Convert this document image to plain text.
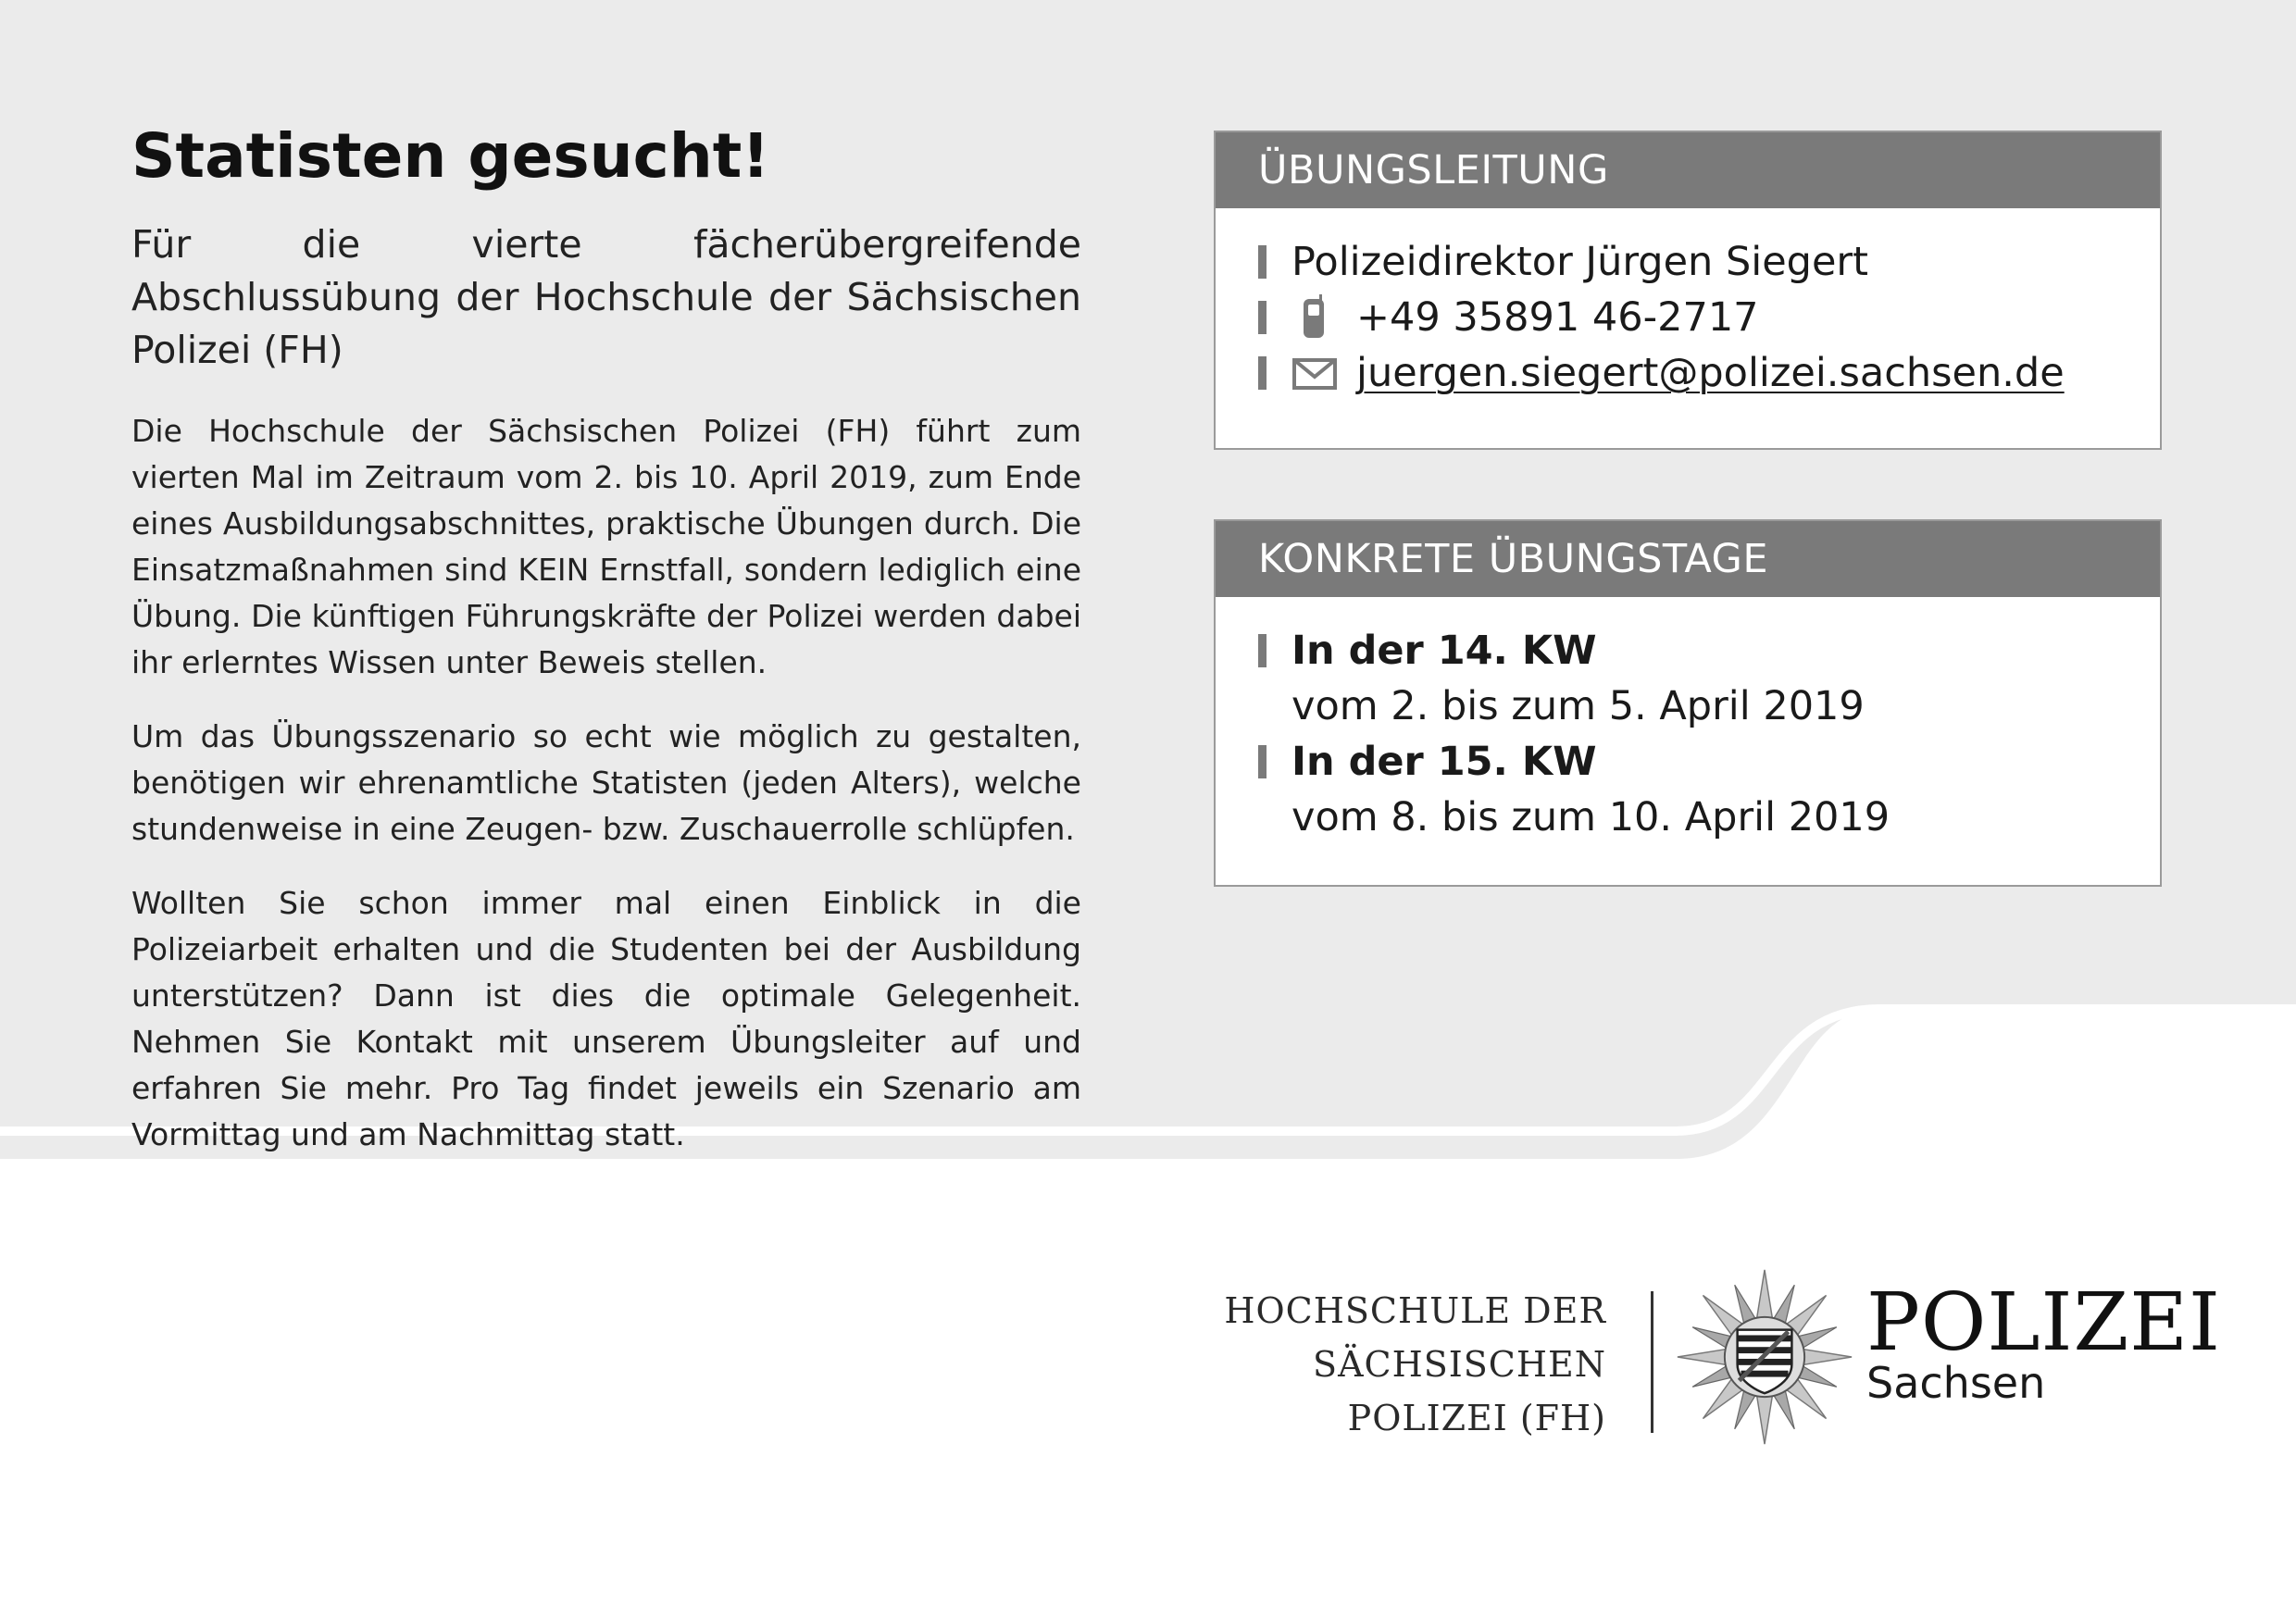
Statisten gesucht!

Für die vierte fächerübergreifende Abschlussübung der Hochschule der Sächsischen Polizei (FH)

Die Hochschule der Sächsischen Polizei (FH) führt zum vierten Mal im Zeitraum vom 2. bis 10. April 2019, zum Ende eines Ausbildungsabschnittes, praktische Übungen durch. Die Einsatzmaßnahmen sind KEIN Ernstfall, sondern lediglich eine Übung. Die künftigen Führungskräfte der Polizei werden dabei ihr erlerntes Wissen unter Beweis stellen.

Um das Übungsszenario so echt wie möglich zu gestalten, benötigen wir ehrenamtliche Statisten (jeden Alters), welche stundenweise in eine Zeugen- bzw. Zuschauerrolle schlüpfen.

Wollten Sie schon immer mal einen Einblick in die Polizeiarbeit erhalten und die Studenten bei der Ausbildung unterstützen? Dann ist dies die optimale Gelegenheit. Nehmen Sie Kontakt mit unserem Übungsleiter auf und erfahren Sie mehr. Pro Tag findet jeweils ein Szenario am Vormittag und am Nachmittag statt.

ÜBUNGSLEITUNG
Polizeidirektor Jürgen Siegert
+49 35891 46-2717
juergen.siegert@polizei.sachsen.de
KONKRETE ÜBUNGSTAGE
In der 14. KW
vom 2. bis zum 5. April 2019
In der 15. KW
vom 8. bis zum 10. April 2019
HOCHSCHULE DER
SÄCHSISCHEN
POLIZEI (FH)
POLIZEI
Sachsen
